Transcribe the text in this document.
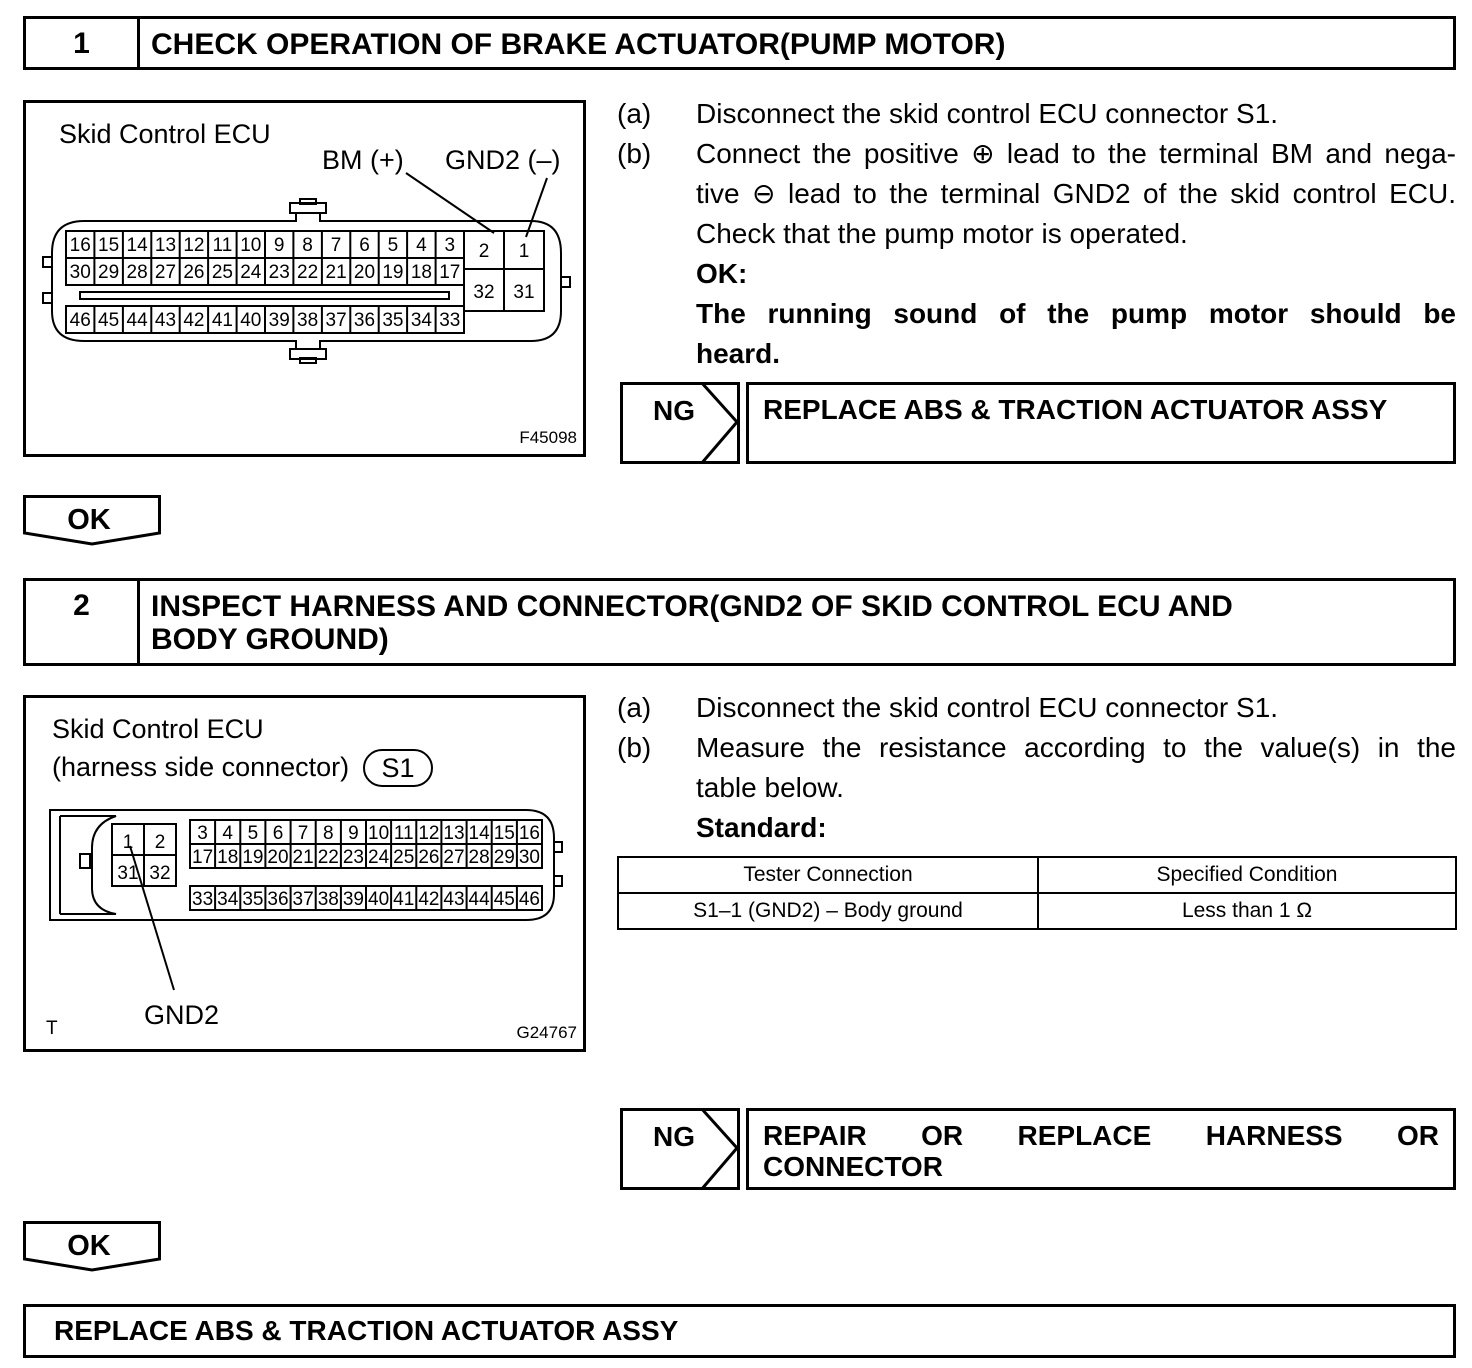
1	CHECK OPERATION OF BRAKE ACTUATOR(PUMP MOTOR)
Skid Control ECU
BM (+) GND2 (–)
16 15 14 13 12 11 10 9 8 7 6 5 4 3
30 29 28 27 26 25 24 23 22 21 20 19 18 17
46 45 44 43 42 41 40 39 38 37 36 35 34 33
2 1
32 31
F45098
(a) Disconnect the skid control ECU connector S1.
(b) Connect the positive ⊕ lead to the terminal BM and nega-
tive ⊖ lead to the terminal GND2 of the skid control ECU.
Check that the pump motor is operated.
OK:
The running sound of the pump motor should be
heard.
NG REPLACE ABS & TRACTION ACTUATOR ASSY
OK
2	INSPECT HARNESS AND CONNECTOR(GND2 OF SKID CONTROL ECU AND
BODY GROUND)
Skid Control ECU
(harness side connector)	S1
1 2
31 32
3 4 5 6 7 8 9 10 11 12 13 14 15 16
17 18 19 20 21 22 23 24 25 26 27 28 29 30
33 34 35 36 37 38 39 40 41 42 43 44 45 46
GND2
T	G24767
(a) Disconnect the skid control ECU connector S1.
(b) Measure the resistance according to the value(s) in the
table below.
Standard:
Tester Connection	Specified Condition
S1–1 (GND2) – Body ground	Less than 1 Ω
NG REPAIR OR REPLACE HARNESS OR
CONNECTOR
OK
REPLACE ABS & TRACTION ACTUATOR ASSY
